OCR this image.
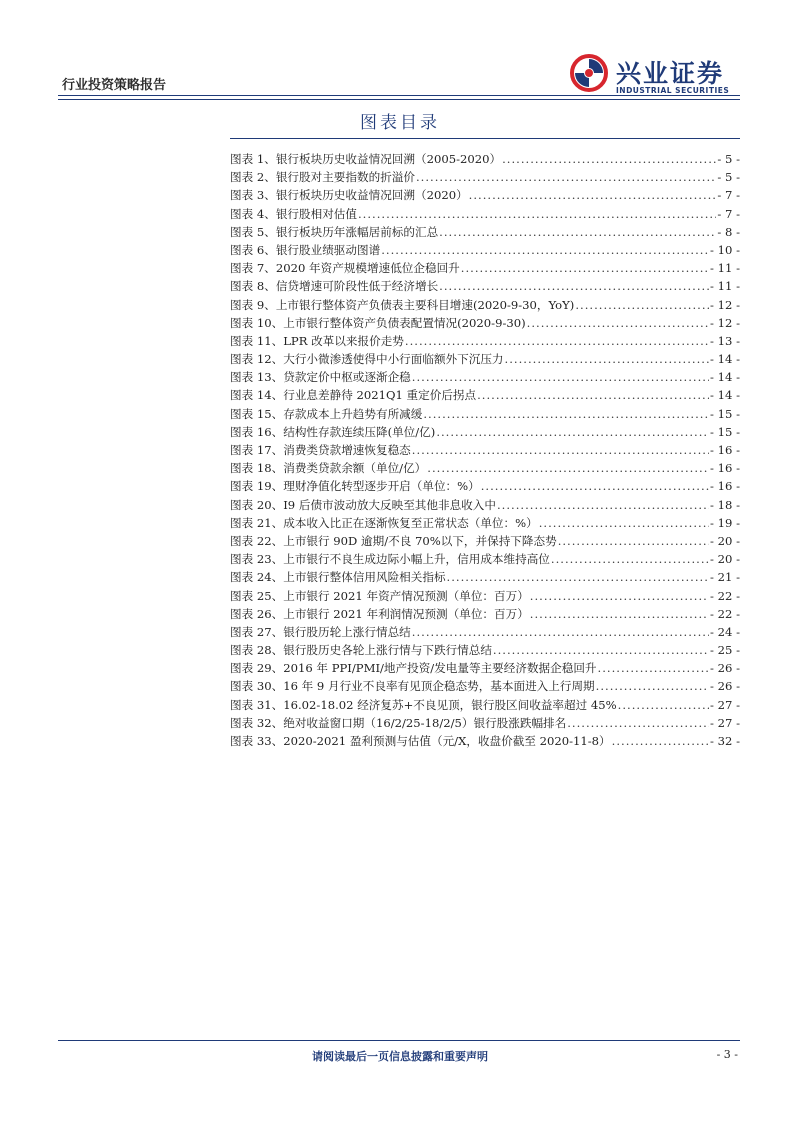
行业投资策略报告	兴业证券
INDUSTRIAL SECURITIES
图表目录
图表 1、银行板块历史收益情况回溯（2005-2020） .....	- 5 -
图表 2、银行股对主要指数的折溢价 .....	- 5 -
图表 3、银行板块历史收益情况回溯（2020） .....	- 7 -
图表 4、银行股相对估值 .....	- 7 -
图表 5、银行板块历年涨幅居前标的汇总 .....	- 8 -
图表 6、银行股业绩驱动图谱 .....	- 10 -
图表 7、2020 年资产规模增速低位企稳回升 .....	- 11 -
图表 8、信贷增速可阶段性低于经济增长 .....	- 11 -
图表 9、上市银行整体资产负债表主要科目增速(2020-9-30，YoY) .....	- 12 -
图表 10、上市银行整体资产负债表配置情况(2020-9-30) .....	- 12 -
图表 11、LPR 改革以来报价走势 .....	- 13 -
图表 12、大行小微渗透使得中小行面临额外下沉压力 .....	- 14 -
图表 13、贷款定价中枢或逐渐企稳 .....	- 14 -
图表 14、行业息差静待 2021Q1 重定价后拐点 .....	- 14 -
图表 15、存款成本上升趋势有所减缓 .....	- 15 -
图表 16、结构性存款连续压降(单位/亿) .....	- 15 -
图表 17、消费类贷款增速恢复稳态 .....	- 16 -
图表 18、消费类贷款余额（单位/亿） .....	- 16 -
图表 19、理财净值化转型逐步开启（单位：%） .....	- 16 -
图表 20、I9 后债市波动放大反映至其他非息收入中 .....	- 18 -
图表 21、成本收入比正在逐渐恢复至正常状态（单位：%） .....	- 19 -
图表 22、上市银行 90D 逾期/不良 70%以下，并保持下降态势 .....	- 20 -
图表 23、上市银行不良生成边际小幅上升，信用成本维持高位 .....	- 20 -
图表 24、上市银行整体信用风险相关指标 .....	- 21 -
图表 25、上市银行 2021 年资产情况预测（单位：百万） .....	- 22 -
图表 26、上市银行 2021 年利润情况预测（单位：百万） .....	- 22 -
图表 27、银行股历轮上涨行情总结 .....	- 24 -
图表 28、银行股历史各轮上涨行情与下跌行情总结 .....	- 25 -
图表 29、2016 年 PPI/PMI/地产投资/发电量等主要经济数据企稳回升 .....	- 26 -
图表 30、16 年 9 月行业不良率有见顶企稳态势，基本面进入上行周期 .....	- 26 -
图表 31、16.02-18.02 经济复苏+不良见顶，银行股区间收益率超过 45% .....	- 27 -
图表 32、绝对收益窗口期（16/2/25-18/2/5）银行股涨跌幅排名 .....	- 27 -
图表 33、2020-2021 盈利预测与估值（元/X，收盘价截至 2020-11-8） .....	- 32 -
请阅读最后一页信息披露和重要声明	- 3 -
